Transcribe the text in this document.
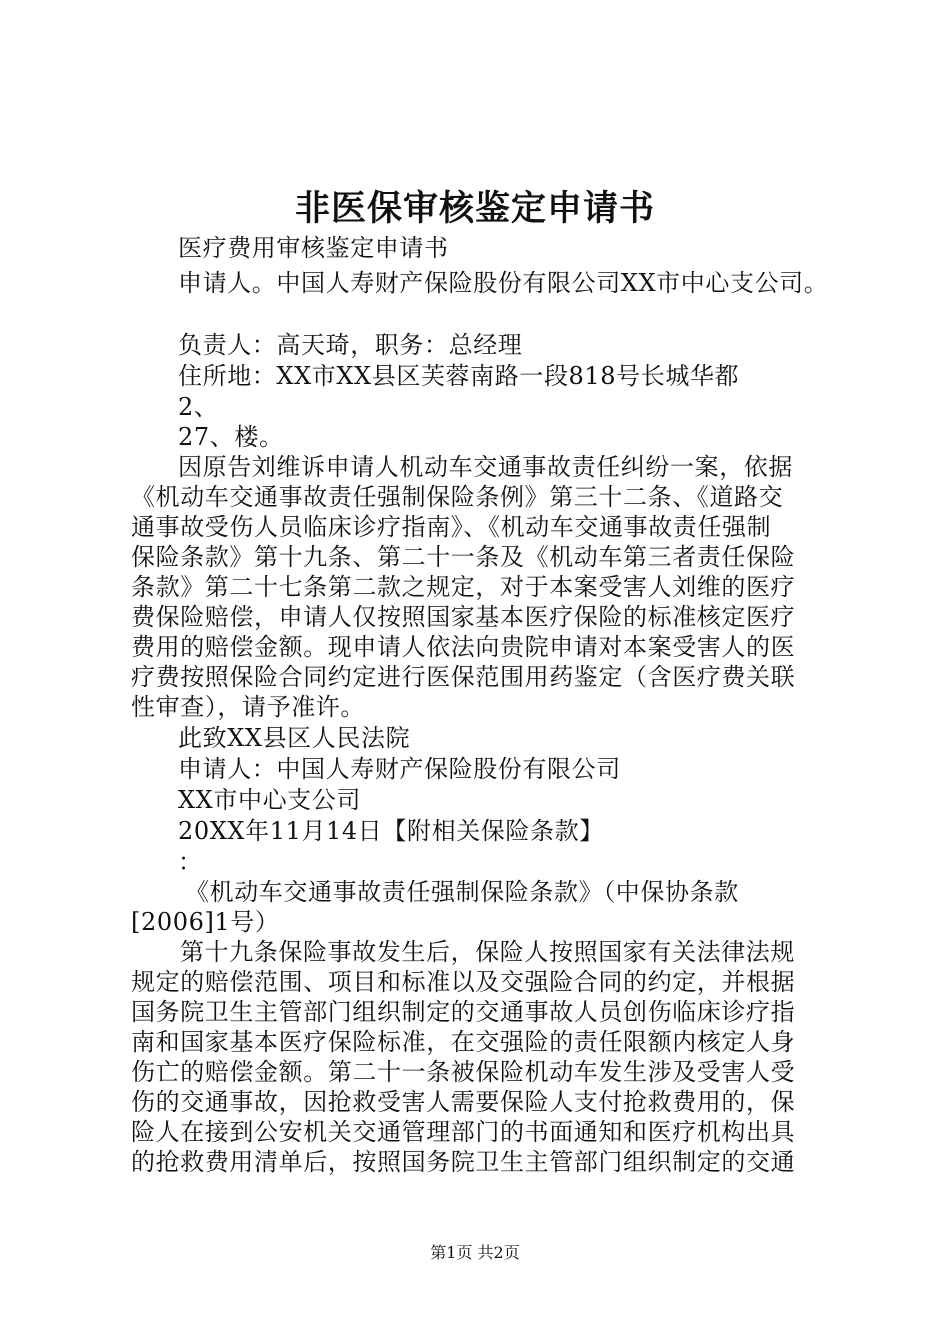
非医保审核鉴定申请书
医疗费用审核鉴定申请书
申请人。中国人寿财产保险股份有限公司XX市中心支公司。
负责人：高天琦，职务：总经理
住所地：XX市XX县区芙蓉南路一段818号长城华都
2、
27、楼。
因原告刘维诉申请人机动车交通事故责任纠纷一案，依据
《机动车交通事故责任强制保险条例》第三十二条、《道路交
通事故受伤人员临床诊疗指南》、《机动车交通事故责任强制
保险条款》第十九条、第二十一条及《机动车第三者责任保险
条款》第二十七条第二款之规定，对于本案受害人刘维的医疗
费保险赔偿，申请人仅按照国家基本医疗保险的标准核定医疗
费用的赔偿金额。现申请人依法向贵院申请对本案受害人的医
疗费按照保险合同约定进行医保范围用药鉴定（含医疗费关联
性审查），请予准许。
此致XX县区人民法院
申请人：中国人寿财产保险股份有限公司
XX市中心支公司
20XX年11月14日【附相关保险条款】
：
《机动车交通事故责任强制保险条款》（中保协条款
[2006]1号）
第十九条保险事故发生后，保险人按照国家有关法律法规
规定的赔偿范围、项目和标准以及交强险合同的约定，并根据
国务院卫生主管部门组织制定的交通事故人员创伤临床诊疗指
南和国家基本医疗保险标准，在交强险的责任限额内核定人身
伤亡的赔偿金额。第二十一条被保险机动车发生涉及受害人受
伤的交通事故，因抢救受害人需要保险人支付抢救费用的，保
险人在接到公安机关交通管理部门的书面通知和医疗机构出具
的抢救费用清单后，按照国务院卫生主管部门组织制定的交通
第1页 共2页
